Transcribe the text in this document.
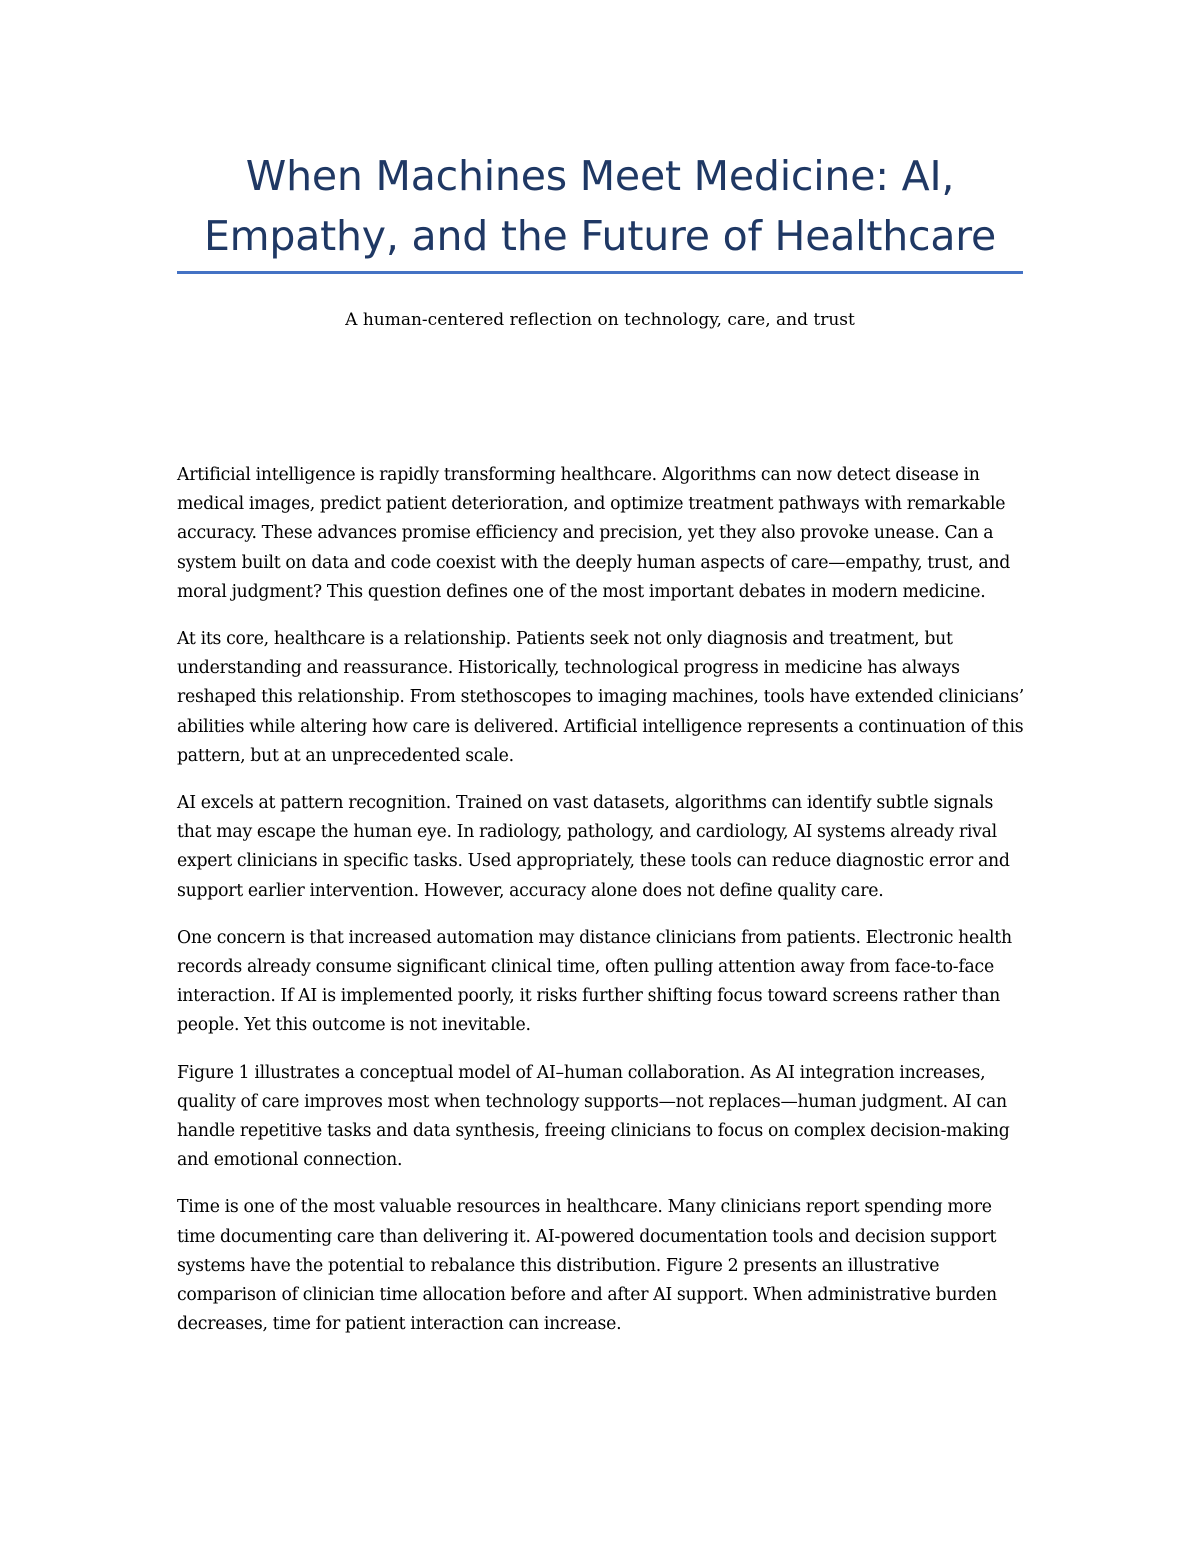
When Machines Meet Medicine: AI, Empathy, and the Future of Healthcare

A human-centered reflection on technology, care, and trust

Artificial intelligence is rapidly transforming healthcare. Algorithms can now detect disease in medical images, predict patient deterioration, and optimize treatment pathways with remarkable accuracy. These advances promise efficiency and precision, yet they also provoke unease. Can a system built on data and code coexist with the deeply human aspects of care—empathy, trust, and moral judgment? This question defines one of the most important debates in modern medicine.

At its core, healthcare is a relationship. Patients seek not only diagnosis and treatment, but understanding and reassurance. Historically, technological progress in medicine has always reshaped this relationship. From stethoscopes to imaging machines, tools have extended clinicians’ abilities while altering how care is delivered. Artificial intelligence represents a continuation of this pattern, but at an unprecedented scale.

AI excels at pattern recognition. Trained on vast datasets, algorithms can identify subtle signals that may escape the human eye. In radiology, pathology, and cardiology, AI systems already rival expert clinicians in specific tasks. Used appropriately, these tools can reduce diagnostic error and support earlier intervention. However, accuracy alone does not define quality care.

One concern is that increased automation may distance clinicians from patients. Electronic health records already consume significant clinical time, often pulling attention away from face-to-face interaction. If AI is implemented poorly, it risks further shifting focus toward screens rather than people. Yet this outcome is not inevitable.

Figure 1 illustrates a conceptual model of AI–human collaboration. As AI integration increases, quality of care improves most when technology supports—not replaces—human judgment. AI can handle repetitive tasks and data synthesis, freeing clinicians to focus on complex decision-making and emotional connection.

Time is one of the most valuable resources in healthcare. Many clinicians report spending more time documenting care than delivering it. AI-powered documentation tools and decision support systems have the potential to rebalance this distribution. Figure 2 presents an illustrative comparison of clinician time allocation before and after AI support. When administrative burden decreases, time for patient interaction can increase.
